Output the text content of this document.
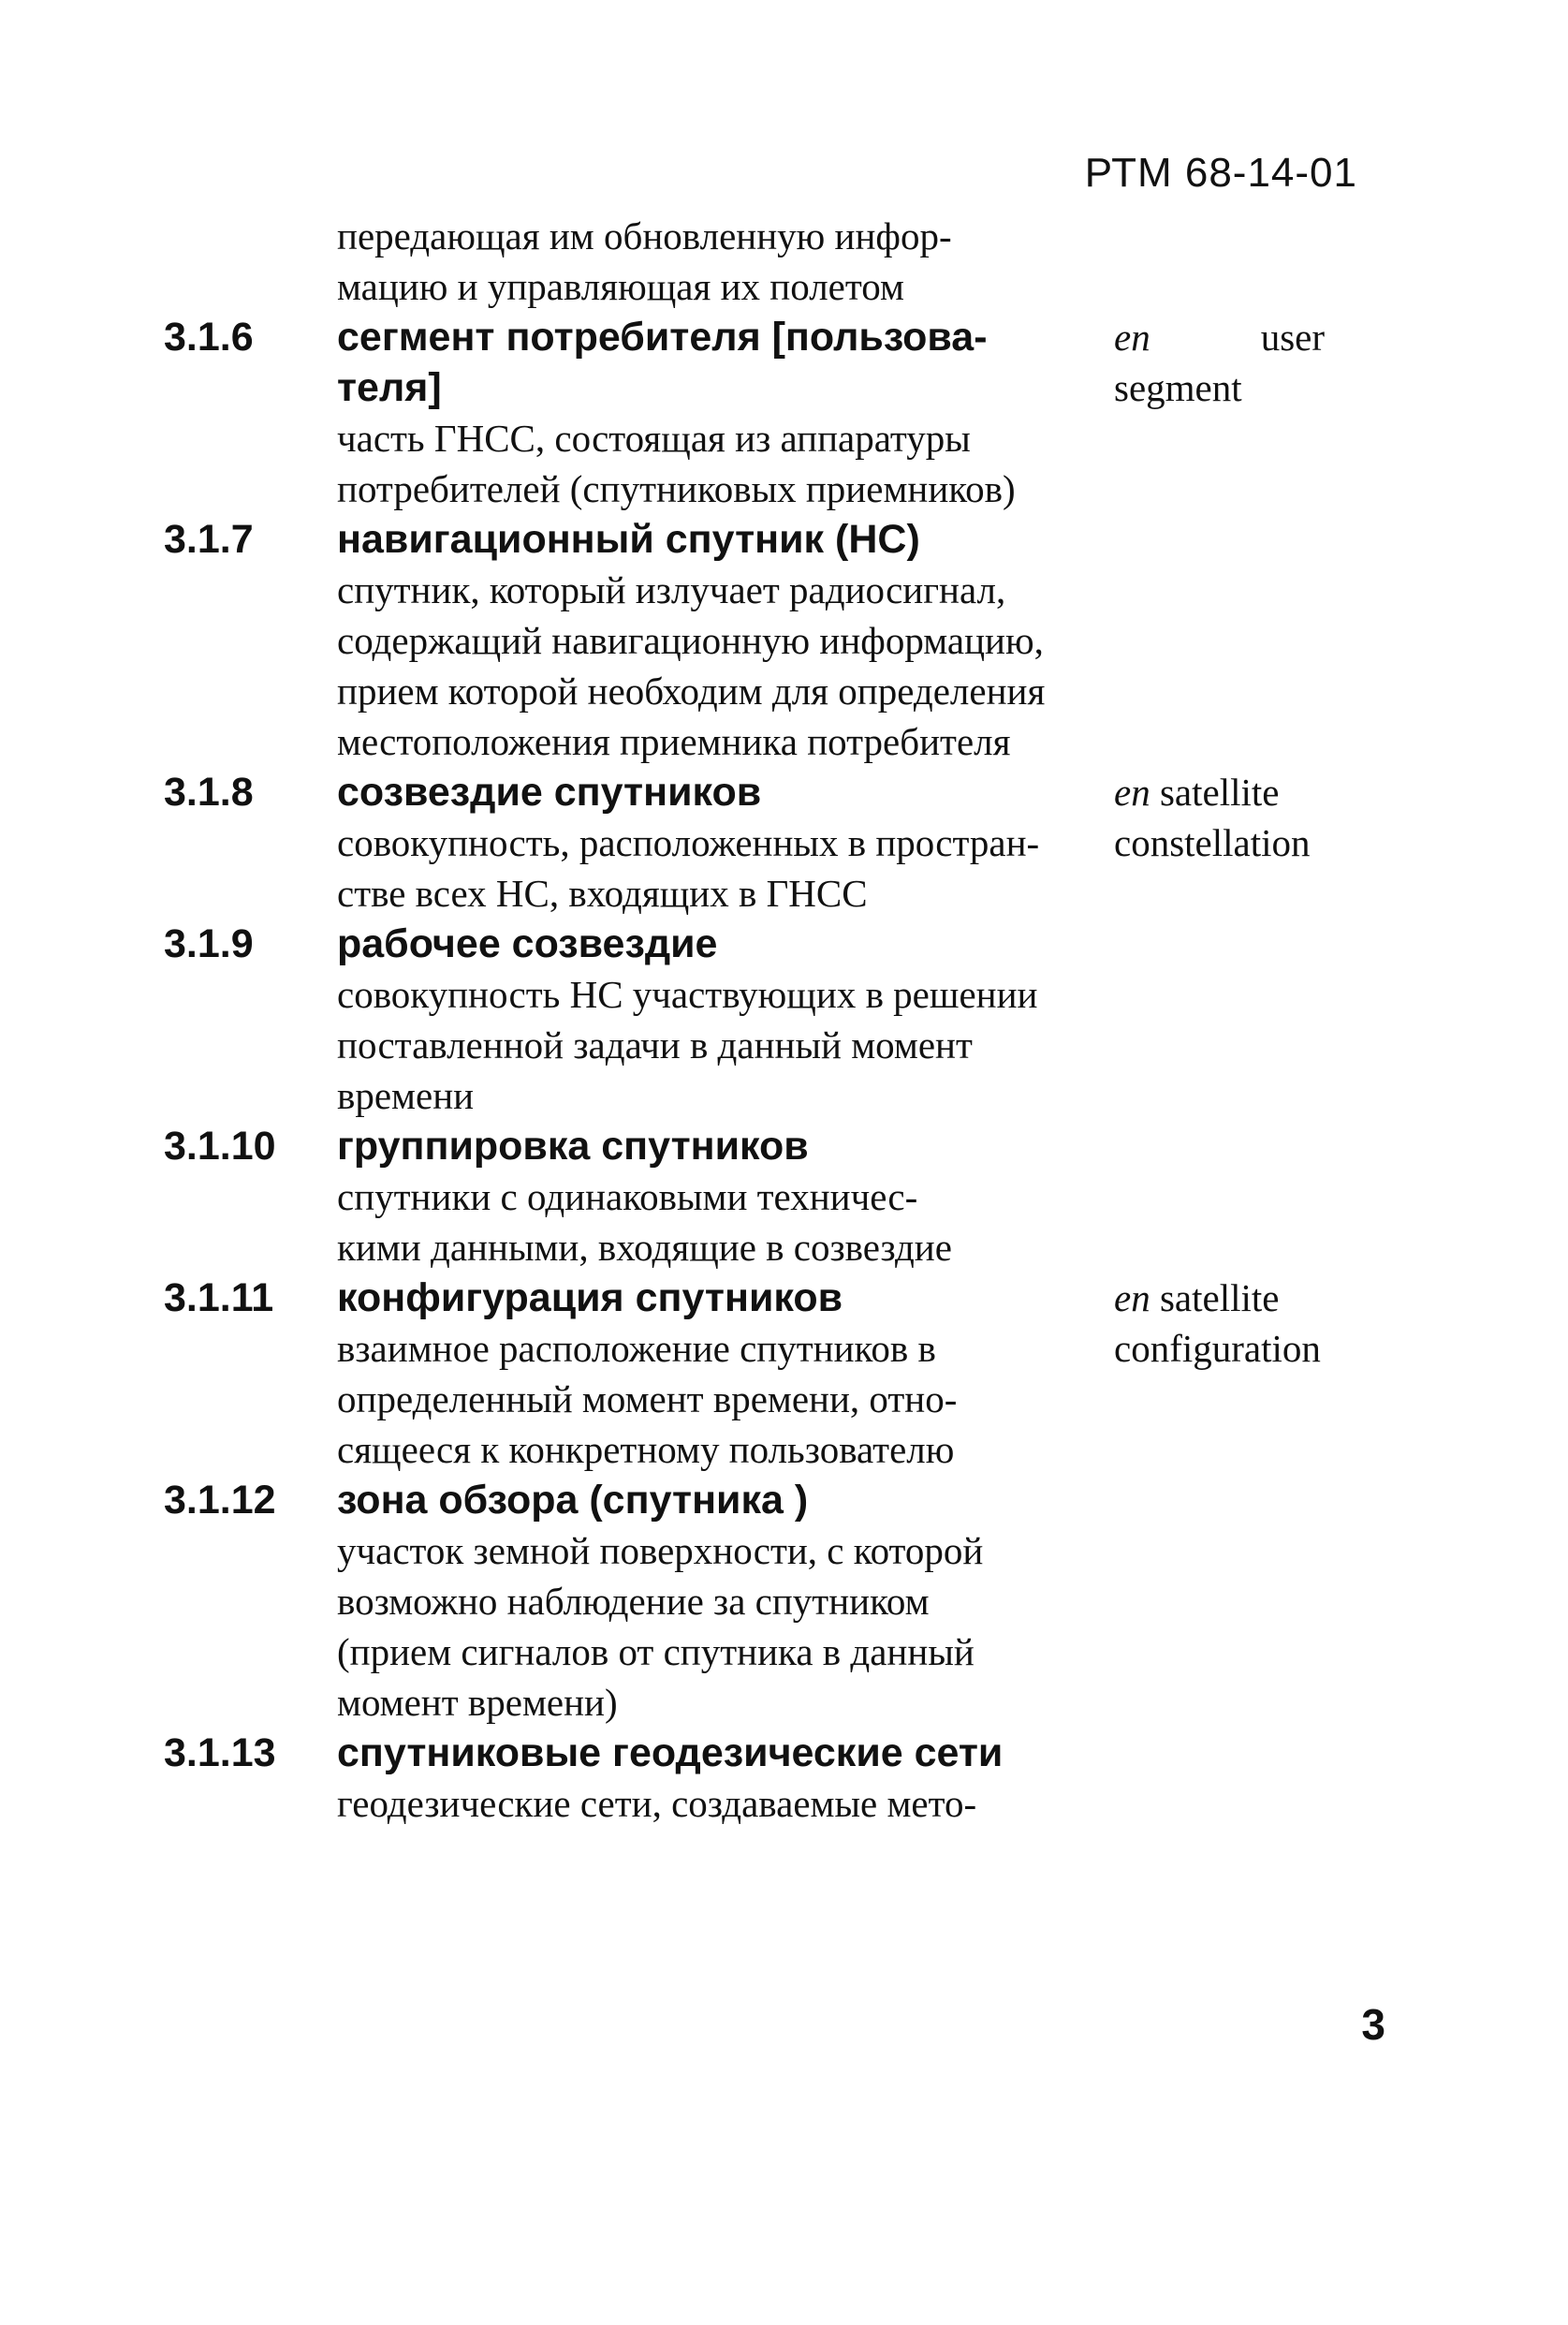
РТМ 68-14-01
передающая им обновленную инфор-
мацию и управляющая их полетом
3.1.6	сегмент потребителя [пользова-
теля]
часть ГНСС, состоящая из аппаратуры
потребителей (спутниковых приемников)
en	user
segment
3.1.7	навигационный спутник (НС)
спутник, который излучает радиосигнал,
содержащий навигационную информацию,
прием которой необходим для определения
местоположения приемника потребителя
3.1.8	созвездие спутников
совокупность, расположенных в простран-
стве всех НС, входящих в ГНСС
en satellite
constellation
3.1.9	рабочее созвездие
совокупность НС участвующих в решении
поставленной задачи в данный момент
времени
3.1.10	группировка спутников
спутники с одинаковыми техничес-
кими данными, входящие в созвездие
3.1.11	конфигурация спутников
взаимное расположение спутников в
определенный момент времени, отно-
сящееся к конкретному пользователю
en satellite
configuration
3.1.12	зона обзора (спутника )
участок земной поверхности, с которой
возможно наблюдение за спутником
(прием сигналов от спутника в данный
момент времени)
3.1.13	спутниковые геодезические сети
геодезические сети, создаваемые мето-
3
